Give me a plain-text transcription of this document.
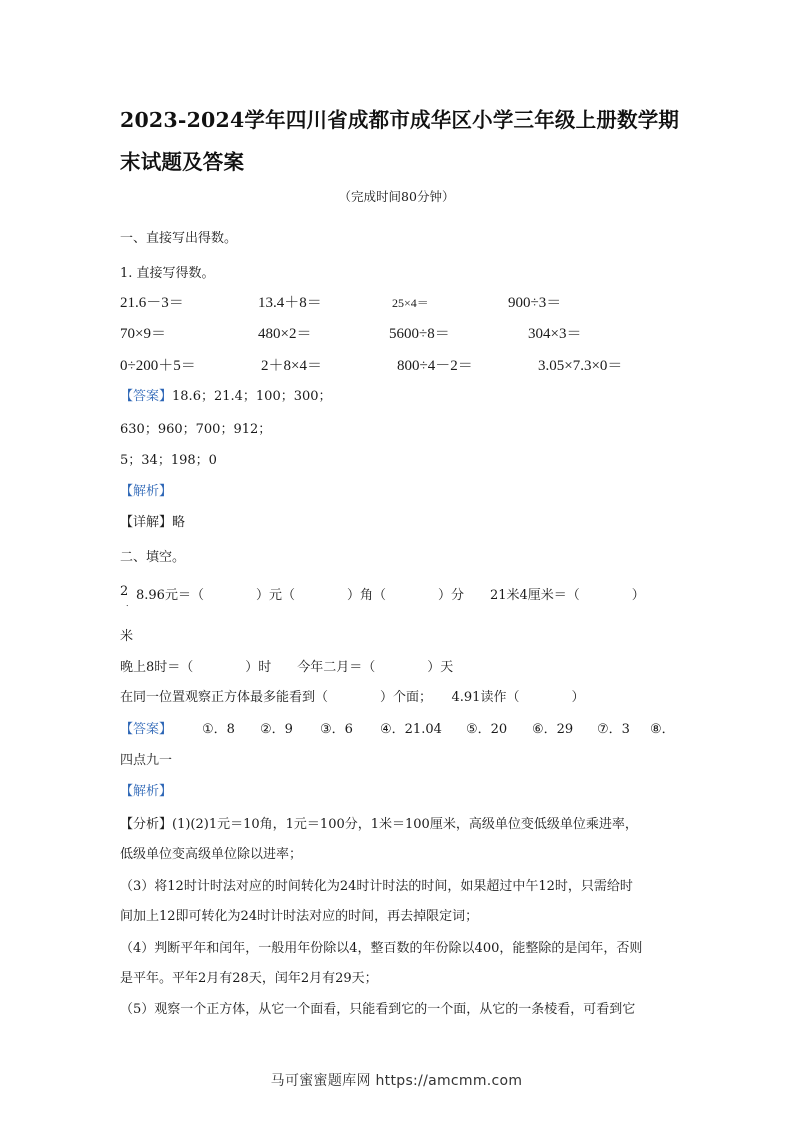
2023-2024学年四川省成都市成华区小学三年级上册数学期
末试题及答案
（完成时间80分钟）
一、直接写出得数。
1. 直接写得数。
21.6－3＝	13.4＋8＝	25×4＝	900÷3＝
70×9＝	480×2＝	5600÷8＝	304×3＝
0÷200＋5＝	2＋8×4＝	800÷4－2＝	3.05×7.3×0＝
【答案】18.6；21.4；100；300；
630；960；700；912；
5；34；198；0
【解析】
【详解】略
二、填空。
2
．
8.96元＝（　　　　）元（　　　　）角（　　　　）分　　21米4厘米＝（　　　　）
米
晚上8时＝（　　　　）时　　今年二月＝（　　　　）天
在同一位置观察正方体最多能看到（　　　　）个面；　　4.91读作（　　　　）
【答案】 ①．8 ②．9 ③．6 ④．21.04 ⑤．20 ⑥．29 ⑦．3 ⑧．
四点九一
【解析】
【分析】(1)(2)1元＝10角，1元＝100分，1米＝100厘米，高级单位变低级单位乘进率，
低级单位变高级单位除以进率；
（3）将12时计时法对应的时间转化为24时计时法的时间，如果超过中午12时，只需给时
间加上12即可转化为24时计时法对应的时间，再去掉限定词；
（4）判断平年和闰年，一般用年份除以4，整百数的年份除以400，能整除的是闰年，否则
是平年。平年2月有28天，闰年2月有29天；
（5）观察一个正方体，从它一个面看，只能看到它的一个面，从它的一条棱看，可看到它
马可蜜蜜题库网 https://amcmm.com
